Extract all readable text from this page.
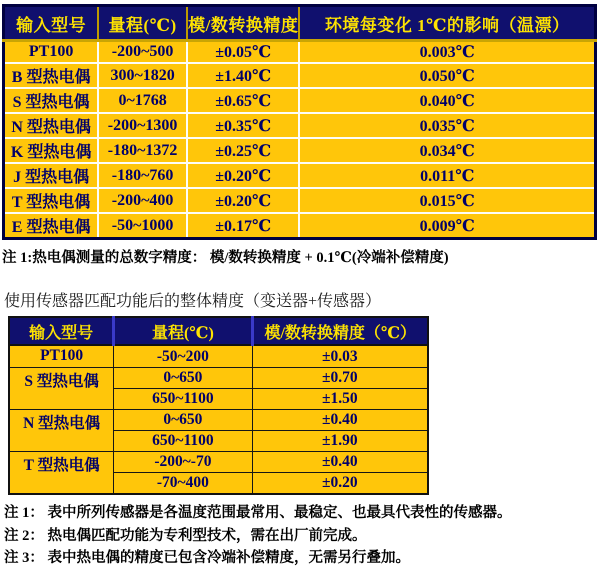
输入型号	量程(℃)	模/数转换精度	环境每变化 1℃的影响（温漂）
PT100	-200~500	±0.05℃	0.003℃
B 型热电偶	300~1820	±1.40℃	0.050℃
S 型热电偶	0~1768	±0.65℃	0.040℃
N 型热电偶	-200~1300	±0.35℃	0.035℃
K 型热电偶	-180~1372	±0.25℃	0.034℃
J 型热电偶	-180~760	±0.20℃	0.011℃
T 型热电偶	-200~400	±0.20℃	0.015℃
E 型热电偶	-50~1000	±0.17℃	0.009℃
注 1:热电偶测量的总数字精度： 模/数转换精度 + 0.1℃(冷端补偿精度)
使用传感器匹配功能后的整体精度（变送器+传感器）
输入型号	量程(℃)	模/数转换精度（℃）
PT100	-50~200	±0.03
S 型热电偶	0~650	±0.70
	650~1100	±1.50
N 型热电偶	0~650	±0.40
	650~1100	±1.90
T 型热电偶	-200~-70	±0.40
	-70~400	±0.20

注 1： 表中所列传感器是各温度范围最常用、最稳定、也最具代表性的传感器。

注 2： 热电偶匹配功能为专利型技术，需在出厂前完成。

注 3： 表中热电偶的精度已包含冷端补偿精度，无需另行叠加。
